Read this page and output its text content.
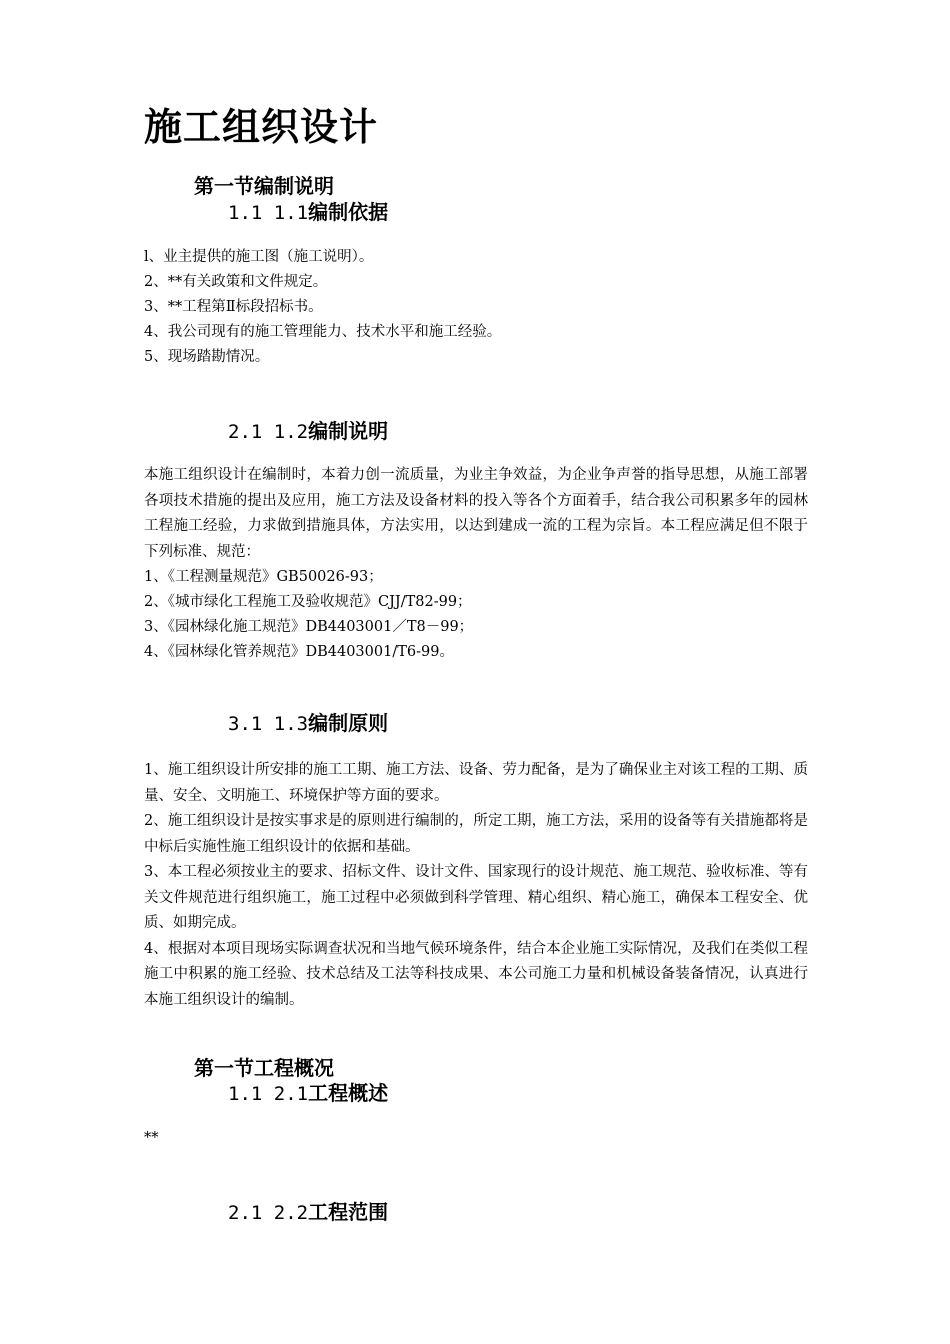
施工组织设计
第一节编制说明
1.1 1.1编制依据
l、业主提供的施工图（施工说明）。
2、**有关政策和文件规定。
3、**工程第Ⅱ标段招标书。
4、我公司现有的施工管理能力、技术水平和施工经验。
5、现场踏勘情况。
2.1 1.2编制说明

本施工组织设计在编制时，本着力创一流质量，为业主争效益，为企业争声誉的指导思想，从施工部署各项技术措施的提出及应用，施工方法及设备材料的投入等各个方面着手，结合我公司积累多年的园林工程施工经验，力求做到措施具体，方法实用，以达到建成一流的工程为宗旨。本工程应满足但不限于下列标准、规范：

1、《工程测量规范》GB50026-93；
2、《城市绿化工程施工及验收规范》CJJ/T82-99；
3、《园林绿化施工规范》DB4403001／T8－99；
4、《园林绿化管养规范》DB4403001/T6-99。
3.1 1.3编制原则
1、施工组织设计所安排的施工工期、施工方法、设备、劳力配备，是为了确保业主对该工程的工期、质量、安全、文明施工、环境保护等方面的要求。
2、施工组织设计是按实事求是的原则进行编制的，所定工期，施工方法，采用的设备等有关措施都将是中标后实施性施工组织设计的依据和基础。
3、本工程必须按业主的要求、招标文件、设计文件、国家现行的设计规范、施工规范、验收标准、等有关文件规范进行组织施工，施工过程中必须做到科学管理、精心组织、精心施工，确保本工程安全、优质、如期完成。
4、根据对本项目现场实际调查状况和当地气候环境条件，结合本企业施工实际情况，及我们在类似工程施工中积累的施工经验、技术总结及工法等科技成果、本公司施工力量和机械设备装备情况，认真进行本施工组织设计的编制。
第一节工程概况
1.1 2.1工程概述

**

2.1 2.2工程范围
